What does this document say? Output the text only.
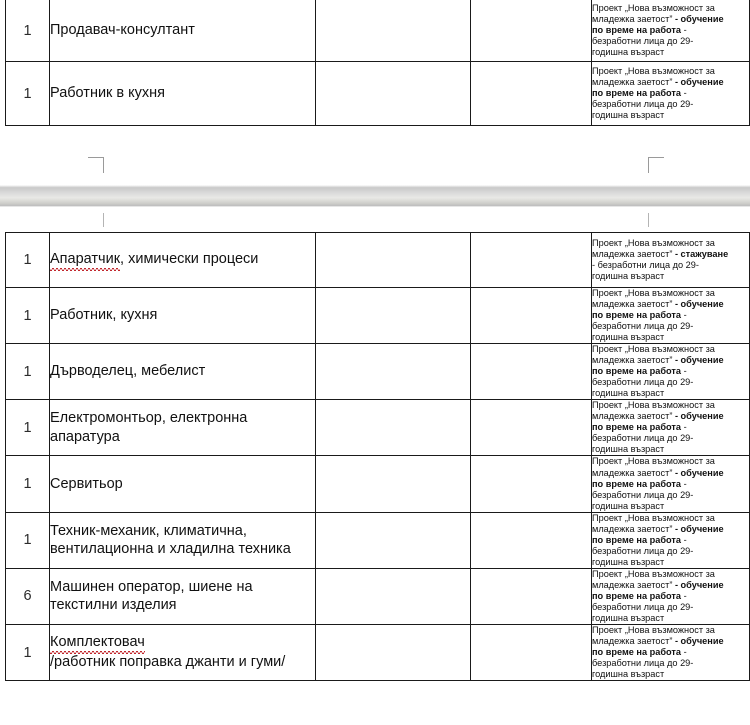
1	Продавач-консултант			Проект „Нова възможност за
младежка заетост” - обучение
по време на работа -
безработни лица до 29-
годишна възраст
1	Работник в кухня			Проект „Нова възможност за
младежка заетост” - обучение
по време на работа -
безработни лица до 29-
годишна възраст
1	Апаратчик, химически процеси			Проект „Нова възможност за
младежка заетост” - стажуване
- безработни лица до 29-
годишна възраст
1	Работник, кухня			Проект „Нова възможност за
младежка заетост” - обучение
по време на работа -
безработни лица до 29-
годишна възраст
1	Дърводелец, мебелист			Проект „Нова възможност за
младежка заетост” - обучение
по време на работа -
безработни лица до 29-
годишна възраст
1	Електромонтьор, електронна
апаратура			Проект „Нова възможност за
младежка заетост” - обучение
по време на работа -
безработни лица до 29-
годишна възраст
1	Сервитьор			Проект „Нова възможност за
младежка заетост” - обучение
по време на работа -
безработни лица до 29-
годишна възраст
1	Техник-механик, климатична,
вентилационна и хладилна техника			Проект „Нова възможност за
младежка заетост” - обучение
по време на работа -
безработни лица до 29-
годишна възраст
6	Машинен оператор, шиене на
текстилни изделия			Проект „Нова възможност за
младежка заетост” - обучение
по време на работа -
безработни лица до 29-
годишна възраст
1	Комплектовач
/работник поправка джанти и гуми/			Проект „Нова възможност за
младежка заетост” - обучение
по време на работа -
безработни лица до 29-
годишна възраст
